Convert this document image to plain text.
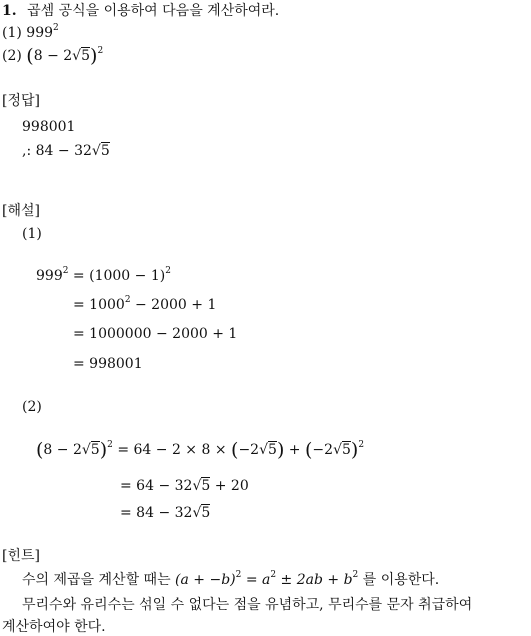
1. 곱셈 공식을 이용하여 다음을 계산하여라.
(1) $999^2$
(2) $(8 - 2√5)^2$
[정답]
998001
,: 84 − 32√5
[해설]
(1)
$999^2 = (1000 - 1)^2$
= $1000^2 - 2000 + 1$
= 1000000 − 2000 + 1
= 998001
(2)
$(8 - 2√5)^2 = 64 - 2 \times 8 \times (-2√5) + (-2√5)^2$
= 64 − 32√5 + 20
= 84 − 32√5
[힌트]
수의 제곱을 계산할 때는 $(a + -b)^2 = a^2 \pm 2ab + b^2$ 를 이용한다.
무리수와 유리수는 섞일 수 없다는 점을 유념하고, 무리수를 문자 취급하여
계산하여야 한다.
